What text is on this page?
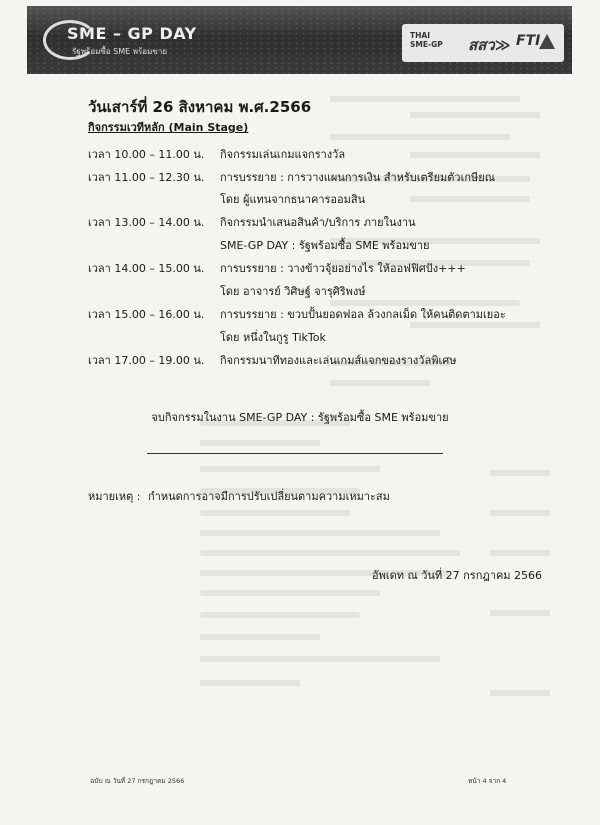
SME – GP DAY
รัฐพร้อมซื้อ SME พร้อมขาย
THAI
SME-GP สสว≫ FTI
วันเสาร์ที่ 26 สิงหาคม พ.ศ.2566
กิจกรรมเวทีหลัก (Main Stage)
เวลา 10.00 – 11.00 น. กิจกรรมเล่นเกมแจกรางวัล
เวลา 11.00 – 12.30 น. การบรรยาย : การวางแผนการเงิน สำหรับเตรียมตัวเกษียณ
โดย ผู้แทนจากธนาคารออมสิน
เวลา 13.00 – 14.00 น. กิจกรรมนำเสนอสินค้า/บริการ ภายในงาน
SME-GP DAY : รัฐพร้อมซื้อ SME พร้อมขาย
เวลา 14.00 – 15.00 น. การบรรยาย : วางข้าวจุ้ยอย่างไร ให้ออฟฟิศปัง+++
โดย อาจารย์ วิศิษฐ์ จารุศิริพงษ์
เวลา 15.00 – 16.00 น. การบรรยาย : ขวบปั้นยอดฟอล ล้วงกลเม็ด ให้คนติดตามเยอะ
โดย หนึ่งในกูรู TikTok
เวลา 17.00 – 19.00 น. กิจกรรมนาทีทองและเล่นเกมส์แจกของรางวัลพิเศษ
จบกิจกรรมในงาน SME-GP DAY : รัฐพร้อมซื้อ SME พร้อมขาย
หมายเหตุ : กำหนดการอาจมีการปรับเปลี่ยนตามความเหมาะสม
อัพเดท ณ วันที่ 27 กรกฎาคม 2566
ฉบับ ณ วันที่ 27 กรกฎาคม 2566	หน้า 4 จาก 4
